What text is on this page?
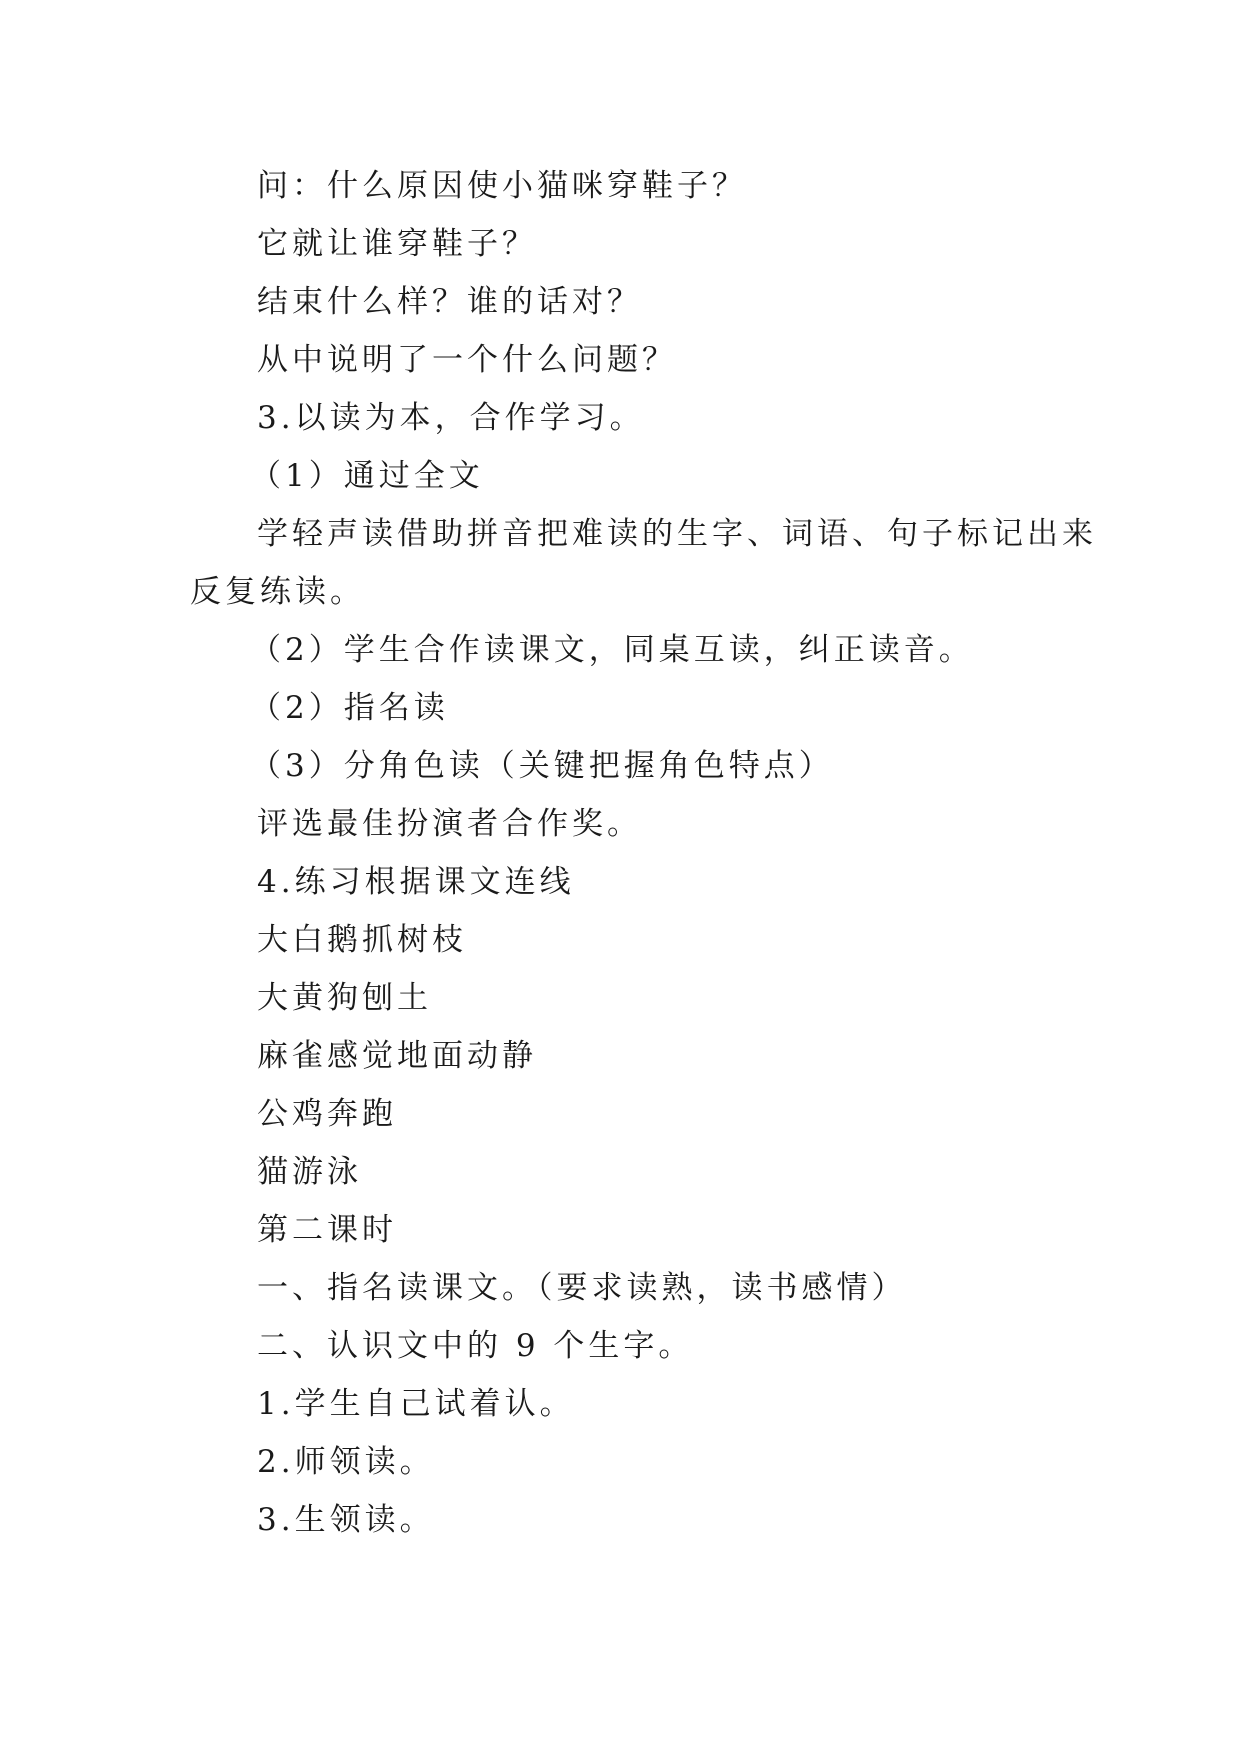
问：什么原因使小猫咪穿鞋子？

它就让谁穿鞋子？

结束什么样？谁的话对？

从中说明了一个什么问题？

3.以读为本，合作学习。

（1）通过全文

学轻声读借助拼音把难读的生字、词语、句子标记出来

反复练读。

（2）学生合作读课文，同桌互读，纠正读音。

（2）指名读

（3）分角色读（关键把握角色特点）

评选最佳扮演者合作奖。

4.练习根据课文连线

大白鹅抓树枝

大黄狗刨土

麻雀感觉地面动静

公鸡奔跑

猫游泳

第二课时

一、指名读课文。（要求读熟，读书感情）

二、认识文中的 9 个生字。

1.学生自己试着认。

2.师领读。

3.生领读。
